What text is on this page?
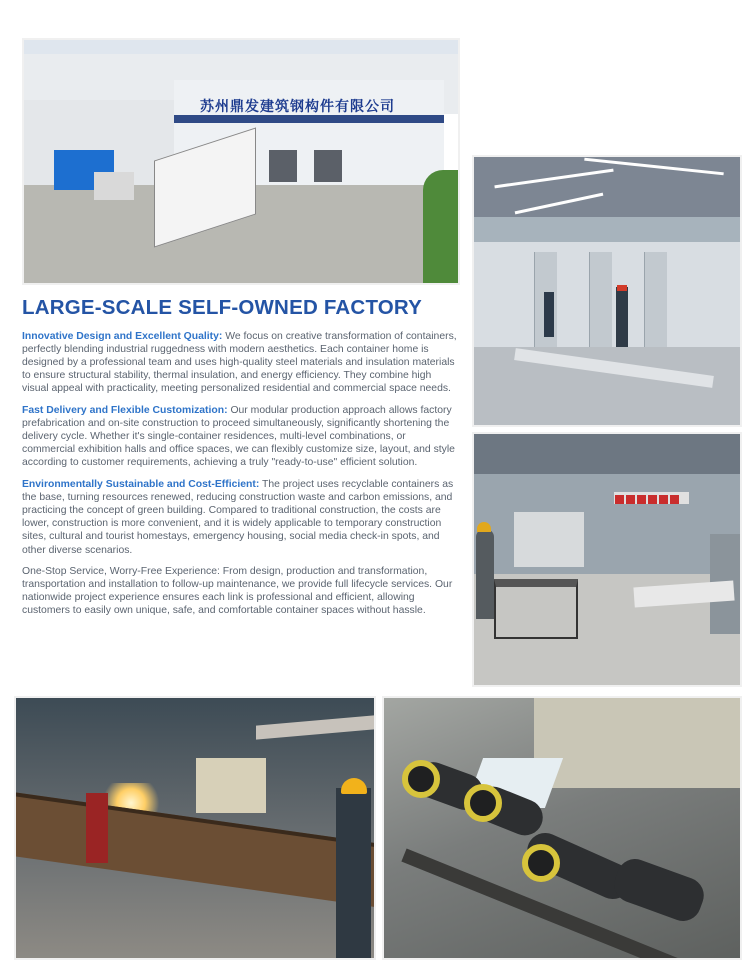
苏州鼎发建筑钢构件有限公司
LARGE-SCALE SELF-OWNED FACTORY

Innovative Design and Excellent Quality: We focus on creative transformation of containers, perfectly blending industrial ruggedness with modern aesthetics. Each container home is designed by a professional team and uses high-quality steel materials and insulation materials to ensure structural stability, thermal insulation, and energy efficiency. They combine high visual appeal with practicality, meeting personalized residential and commercial space needs.

Fast Delivery and Flexible Customization: Our modular production approach allows factory prefabrication and on-site construction to proceed simultaneously, significantly shortening the delivery cycle. Whether it's single-container residences, multi-level combinations, or commercial exhibition halls and office spaces, we can flexibly customize size, layout, and style according to customer requirements, achieving a truly "ready-to-use" efficient solution.

Environmentally Sustainable and Cost-Efficient: The project uses recyclable containers as the base, turning resources renewed, reducing construction waste and carbon emissions, and practicing the concept of green building. Compared to traditional construction, the costs are lower, construction is more convenient, and it is widely applicable to temporary construction sites, cultural and tourist homestays, emergency housing, social media check-in spots, and other diverse scenarios.

One-Stop Service, Worry-Free Experience: From design, production and transformation, transportation and installation to follow-up maintenance, we provide full lifecycle services. Our nationwide project experience ensures each link is professional and efficient, allowing customers to easily own unique, safe, and comfortable container spaces without hassle.
